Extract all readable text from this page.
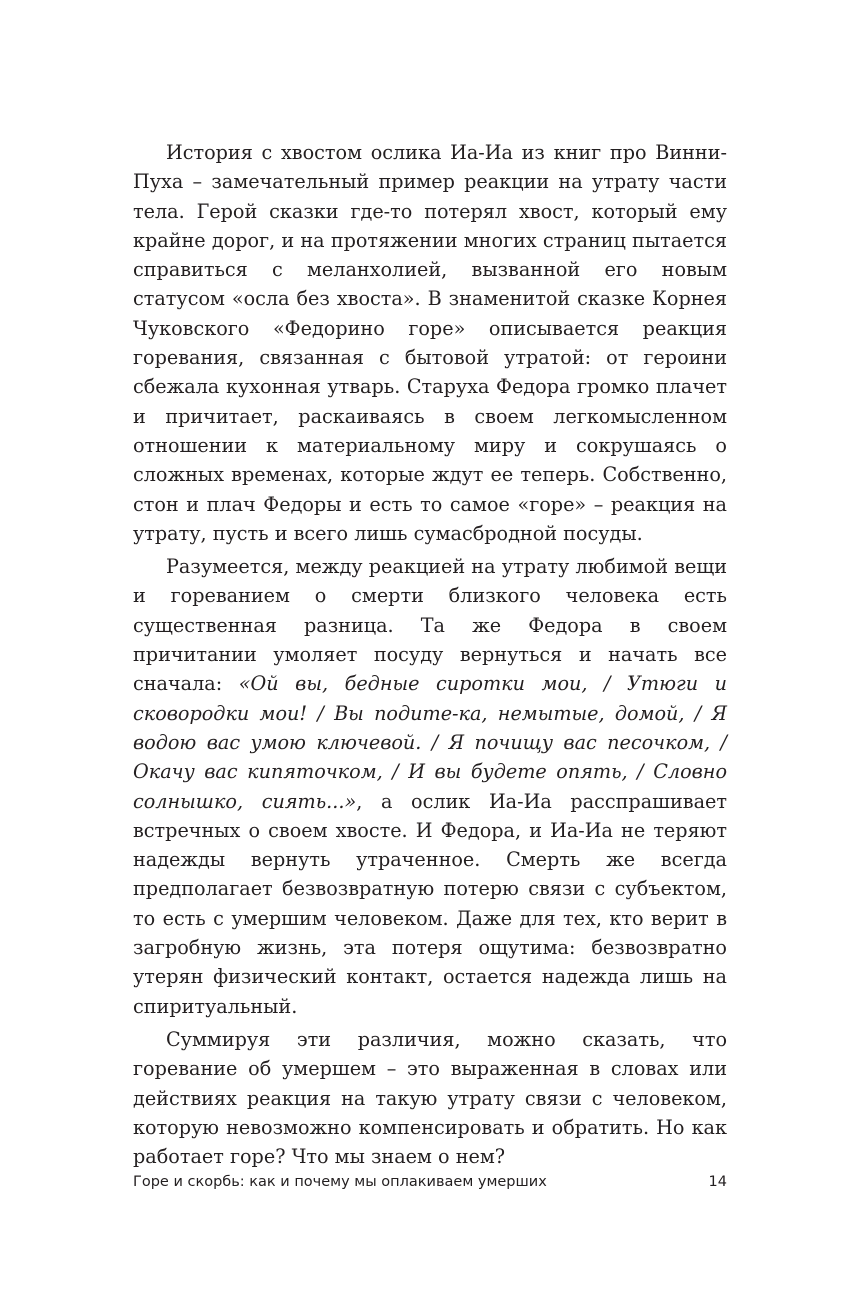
История с хвостом ослика Иа-Иа из книг про Винни-Пуха – замечательный пример реакции на утрату части тела. Герой сказки где-то потерял хвост, который ему крайне дорог, и на протяжении многих страниц пытается справиться с меланхолией, вызванной его новым статусом «осла без хвоста». В знаменитой сказке Корнея Чуковского «Федорино горе» описывается реакция горевания, связанная с бытовой утратой: от героини сбежала кухонная утварь. Старуха Федора громко плачет и причитает, раскаиваясь в своем легкомысленном отношении к материальному миру и сокрушаясь о сложных временах, которые ждут ее теперь. Собственно, стон и плач Федоры и есть то самое «горе» – реакция на утрату, пусть и всего лишь сумасбродной посуды.

Разумеется, между реакцией на утрату любимой вещи и гореванием о смерти близкого человека есть существенная разница. Та же Федора в своем причитании умоляет посуду вернуться и начать все сначала: «Ой вы, бедные сиротки мои, / Утюги и сковородки мои! / Вы подите-ка, немытые, домой, / Я водою вас умою ключевой. / Я почищу вас песочком, / Окачу вас кипяточком, / И вы будете опять, / Словно солнышко, сиять...», а ослик Иа-Иа расспрашивает встречных о своем хвосте. И Федора, и Иа-Иа не теряют надежды вернуть утраченное. Смерть же всегда предполагает безвозвратную потерю связи с субъектом, то есть с умершим человеком. Даже для тех, кто верит в загробную жизнь, эта потеря ощутима: безвозвратно утерян физический контакт, остается надежда лишь на спиритуальный.

Суммируя эти различия, можно сказать, что горевание об умершем – это выраженная в словах или действиях реакция на такую утрату связи с человеком, которую невозможно компенсировать и обратить. Но как работает горе? Что мы знаем о нем?

Горе и скорбь: как и почему мы оплакиваем умерших	14
